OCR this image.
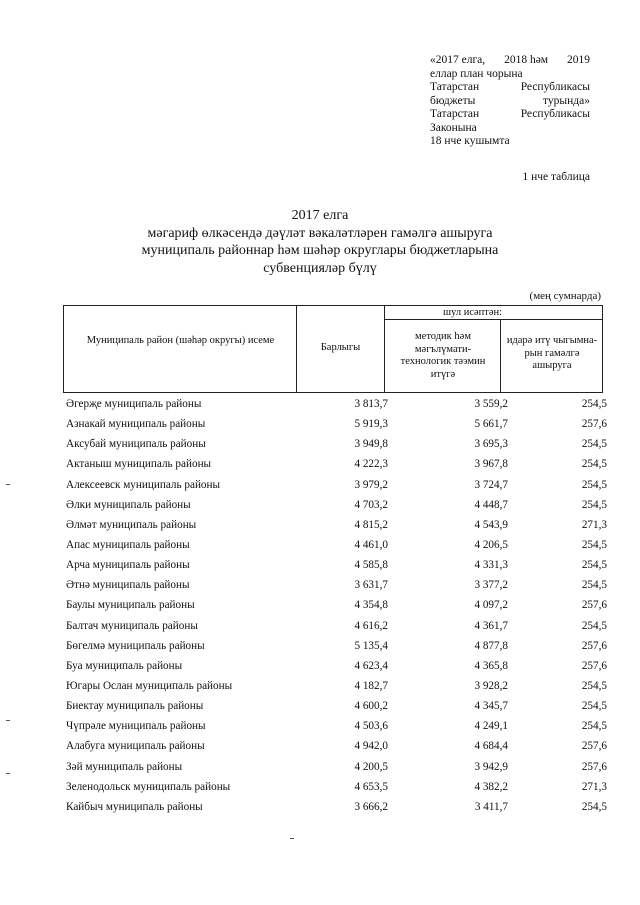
«2017 елга, 2018 һәм 2019
еллар план чорына
Татарстан	Республикасы
бюджеты	турында»
Татарстан	Республикасы
Законына
18 нче кушымта
1 нче таблица
2017 елга
мәгариф өлкәсендә дәүләт вәкаләтләрен гамәлгә ашыруга
муниципаль районнар һәм шәһәр округлары бюджетларына
субвенцияләр бүлү
(мең сумнарда)
Муниципаль район (шәһәр округы) исеме
Барлыгы
шул исәптән:
методик һәм мәгълүмати-технологик тәэмин итүгә
идарә итү чыгымна-рын гамәлгә ашыруга
Әгерҗе муниципаль районы	3 813,7	3 559,2	254,5
Азнакай муниципаль районы	5 919,3	5 661,7	257,6
Аксубай муниципаль районы	3 949,8	3 695,3	254,5
Актаныш муниципаль районы	4 222,3	3 967,8	254,5
Алексеевск муниципаль районы	3 979,2	3 724,7	254,5
Әлки муниципаль районы	4 703,2	4 448,7	254,5
Әлмәт муниципаль районы	4 815,2	4 543,9	271,3
Апас муниципаль районы	4 461,0	4 206,5	254,5
Арча муниципаль районы	4 585,8	4 331,3	254,5
Әтнә муниципаль районы	3 631,7	3 377,2	254,5
Баулы муниципаль районы	4 354,8	4 097,2	257,6
Балтач муниципаль районы	4 616,2	4 361,7	254,5
Бөгелмә муниципаль районы	5 135,4	4 877,8	257,6
Буа муниципаль районы	4 623,4	4 365,8	257,6
Югары Ослан муниципаль районы	4 182,7	3 928,2	254,5
Биектау муниципаль районы	4 600,2	4 345,7	254,5
Чүпрәле муниципаль районы	4 503,6	4 249,1	254,5
Алабуга муниципаль районы	4 942,0	4 684,4	257,6
Зәй муниципаль районы	4 200,5	3 942,9	257,6
Зеленодольск муниципаль районы	4 653,5	4 382,2	271,3
Кайбыч муниципаль районы	3 666,2	3 411,7	254,5
